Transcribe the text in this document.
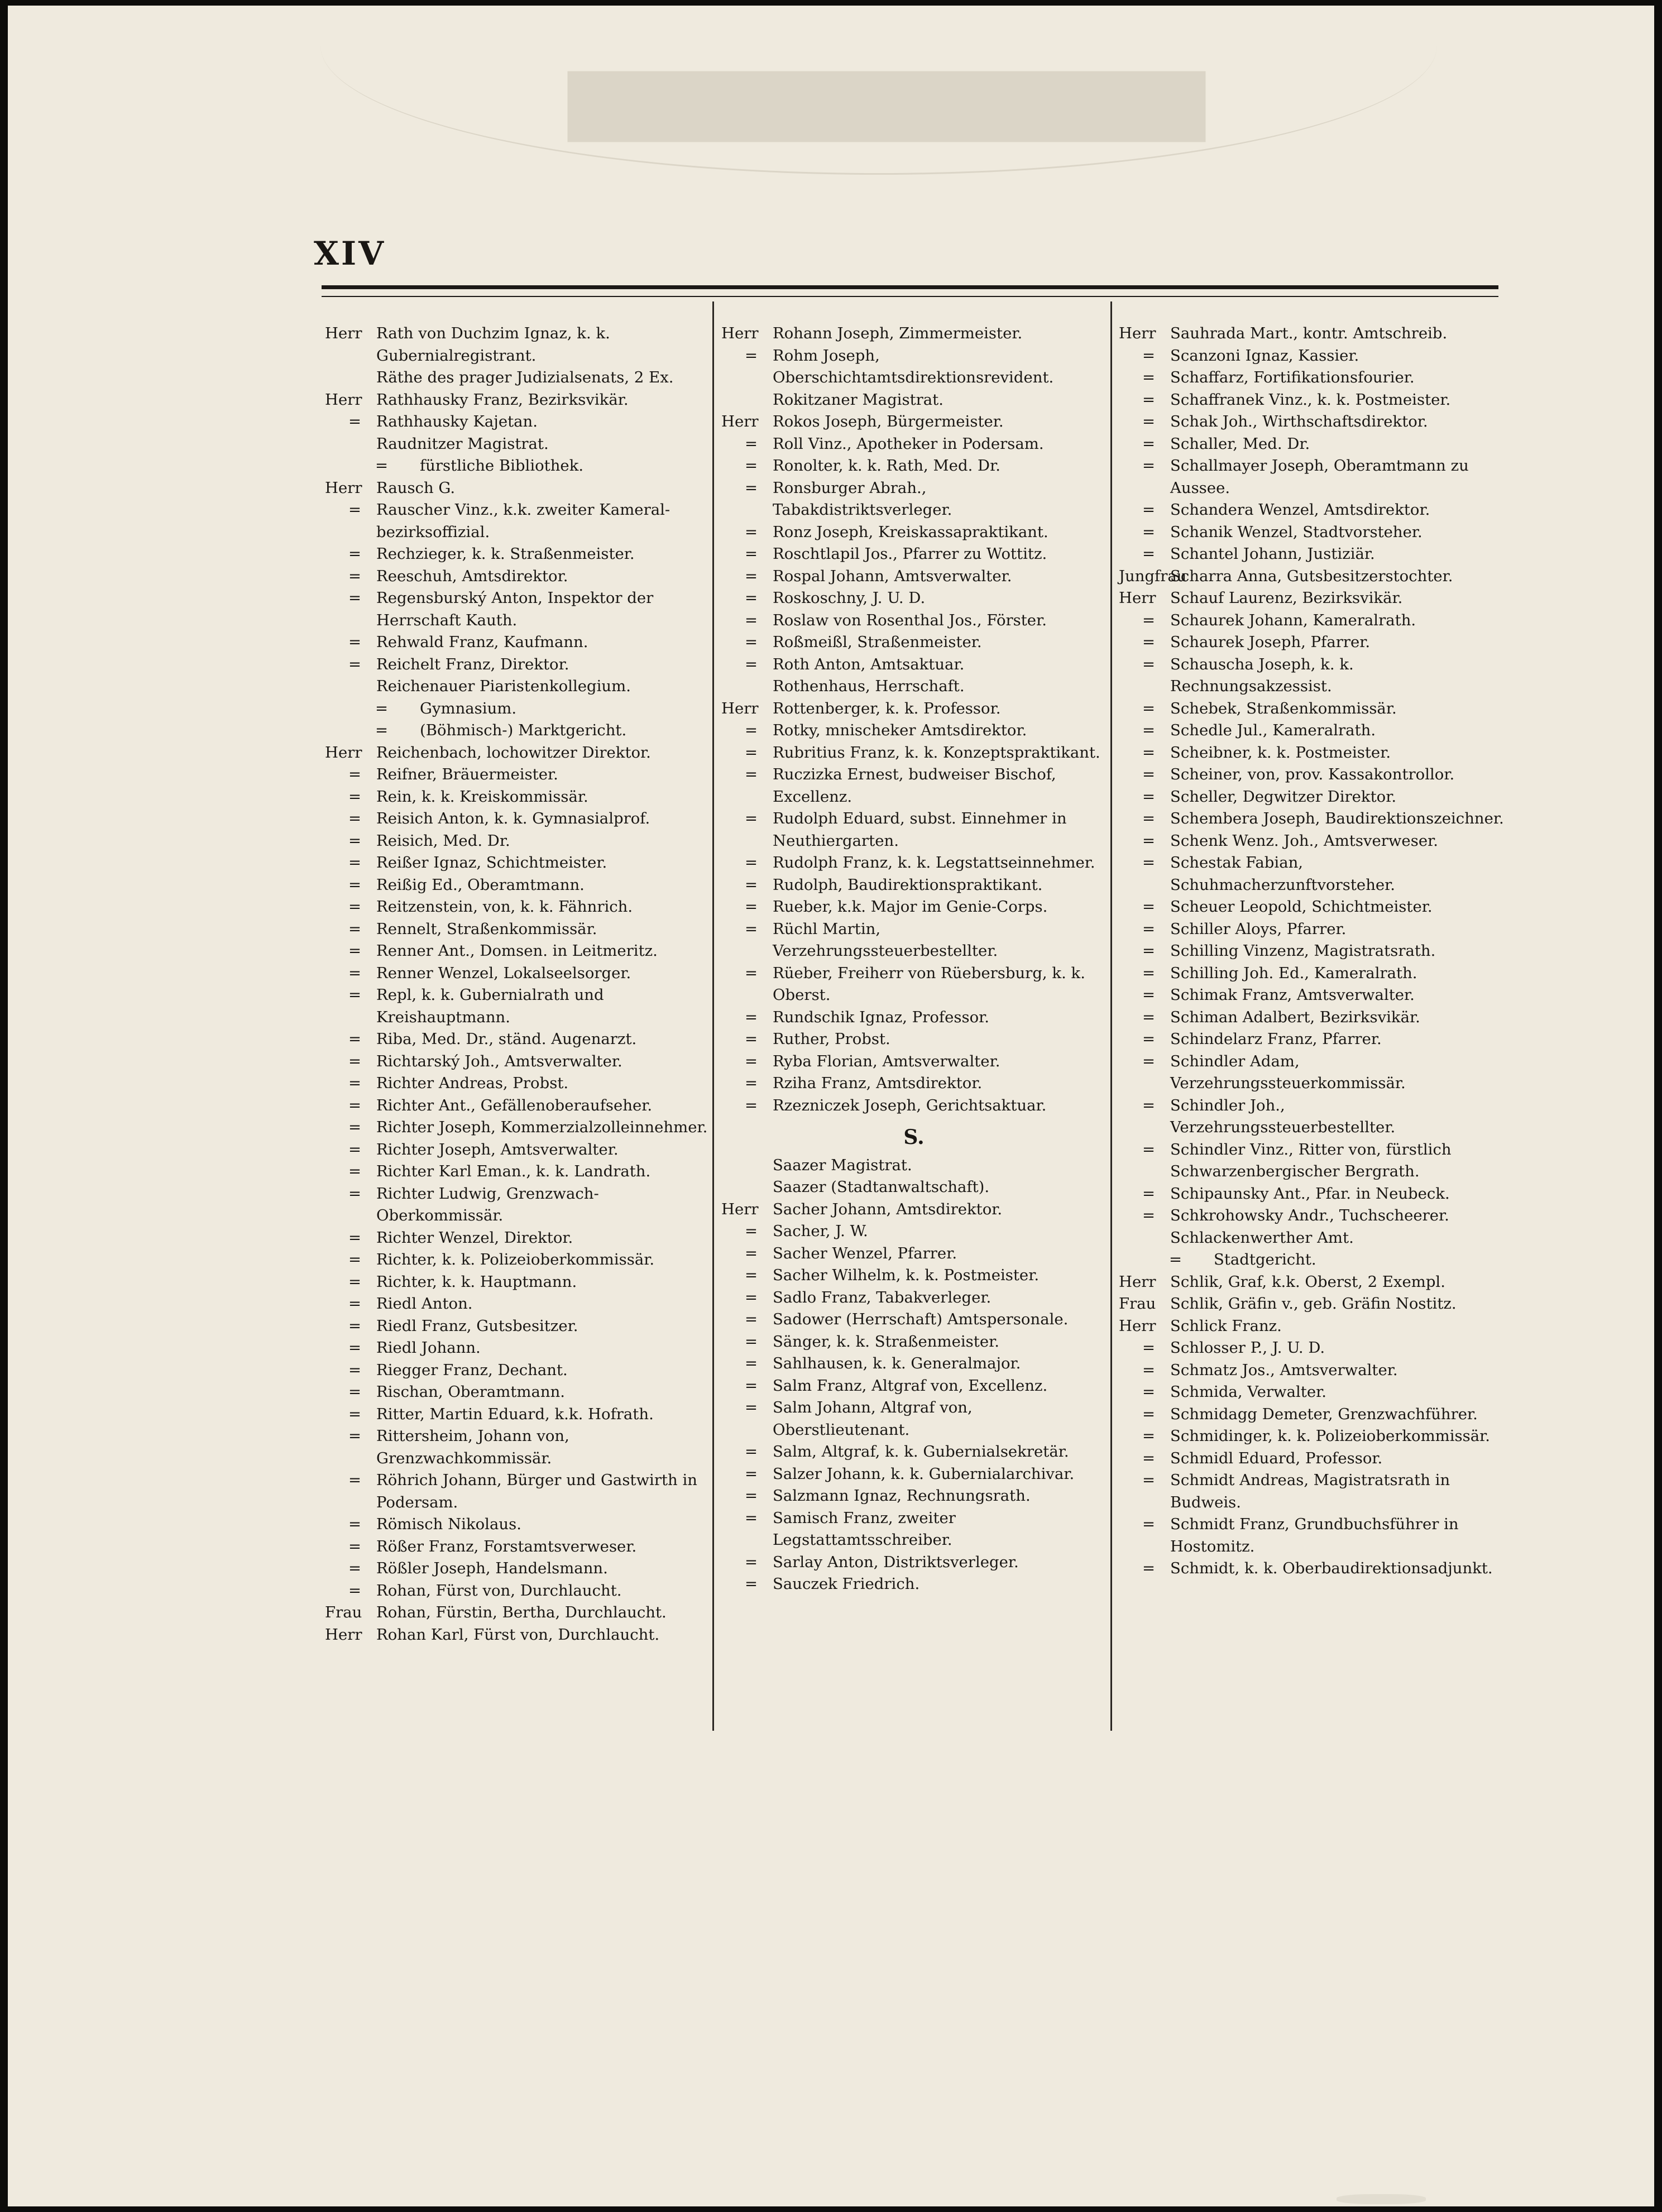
XIV
Herr Rath von Duchzim Ignaz, k. k. Gubernialregistrant.
Räthe des prager Judizialsenats, 2 Ex.
Herr Rathhausky Franz, Bezirksvikär.
= Rathhausky Kajetan.
Raudnitzer Magistrat.
= fürstliche Bibliothek.
Herr Rausch G.
= Rauscher Vinz., k.k. zweiter Kameral-bezirksoffizial.
= Rechzieger, k. k. Straßenmeister.
= Reeschuh, Amtsdirektor.
= Regensburský Anton, Inspektor der Herrschaft Kauth.
= Rehwald Franz, Kaufmann.
= Reichelt Franz, Direktor.
Reichenauer Piaristenkollegium.
= Gymnasium.
= (Böhmisch-) Marktgericht.
Herr Reichenbach, lochowitzer Direktor.
= Reifner, Bräuermeister.
= Rein, k. k. Kreiskommissär.
= Reisich Anton, k. k. Gymnasialprof.
= Reisich, Med. Dr.
= Reißer Ignaz, Schichtmeister.
= Reißig Ed., Oberamtmann.
= Reitzenstein, von, k. k. Fähnrich.
= Rennelt, Straßenkommissär.
= Renner Ant., Domsen. in Leitmeritz.
= Renner Wenzel, Lokalseelsorger.
= Repl, k. k. Gubernialrath und Kreishauptmann.
= Riba, Med. Dr., ständ. Augenarzt.
= Richtarský Joh., Amtsverwalter.
= Richter Andreas, Probst.
= Richter Ant., Gefällenoberaufseher.
= Richter Joseph, Kommerzialzolleinnehmer.
= Richter Joseph, Amtsverwalter.
= Richter Karl Eman., k. k. Landrath.
= Richter Ludwig, Grenzwach-Oberkommissär.
= Richter Wenzel, Direktor.
= Richter, k. k. Polizeioberkommissär.
= Richter, k. k. Hauptmann.
= Riedl Anton.
= Riedl Franz, Gutsbesitzer.
= Riedl Johann.
= Riegger Franz, Dechant.
= Rischan, Oberamtmann.
= Ritter, Martin Eduard, k.k. Hofrath.
= Rittersheim, Johann von, Grenzwachkommissär.
= Röhrich Johann, Bürger und Gastwirth in Podersam.
= Römisch Nikolaus.
= Rößer Franz, Forstamtsverweser.
= Rößler Joseph, Handelsmann.
= Rohan, Fürst von, Durchlaucht.
Frau Rohan, Fürstin, Bertha, Durchlaucht.
Herr Rohan Karl, Fürst von, Durchlaucht.
Herr Rohann Joseph, Zimmermeister.
= Rohm Joseph, Oberschichtamtsdirektionsrevident.
Rokitzaner Magistrat.
Herr Rokos Joseph, Bürgermeister.
= Roll Vinz., Apotheker in Podersam.
= Ronolter, k. k. Rath, Med. Dr.
= Ronsburger Abrah., Tabakdistriktsverleger.
= Ronz Joseph, Kreiskassapraktikant.
= Roschtlapil Jos., Pfarrer zu Wottitz.
= Rospal Johann, Amtsverwalter.
= Roskoschny, J. U. D.
= Roslaw von Rosenthal Jos., Förster.
= Roßmeißl, Straßenmeister.
= Roth Anton, Amtsaktuar.
Rothenhaus, Herrschaft.
Herr Rottenberger, k. k. Professor.
= Rotky, mnischeker Amtsdirektor.
= Rubritius Franz, k. k. Konzeptspraktikant.
= Ruczizka Ernest, budweiser Bischof, Excellenz.
= Rudolph Eduard, subst. Einnehmer in Neuthiergarten.
= Rudolph Franz, k. k. Legstattseinnehmer.
= Rudolph, Baudirektionspraktikant.
= Rueber, k.k. Major im Genie-Corps.
= Rüchl Martin, Verzehrungssteuerbestellter.
= Rüeber, Freiherr von Rüebersburg, k. k. Oberst.
= Rundschik Ignaz, Professor.
= Ruther, Probst.
= Ryba Florian, Amtsverwalter.
= Rziha Franz, Amtsdirektor.
= Rzezniczek Joseph, Gerichtsaktuar.
S.
Saazer Magistrat.
Saazer (Stadtanwaltschaft).
Herr Sacher Johann, Amtsdirektor.
= Sacher, J. W.
= Sacher Wenzel, Pfarrer.
= Sacher Wilhelm, k. k. Postmeister.
= Sadlo Franz, Tabakverleger.
= Sadower (Herrschaft) Amtspersonale.
= Sänger, k. k. Straßenmeister.
= Sahlhausen, k. k. Generalmajor.
= Salm Franz, Altgraf von, Excellenz.
= Salm Johann, Altgraf von, Oberstlieutenant.
= Salm, Altgraf, k. k. Gubernialsekretär.
= Salzer Johann, k. k. Gubernialarchivar.
= Salzmann Ignaz, Rechnungsrath.
= Samisch Franz, zweiter Legstattamtsschreiber.
= Sarlay Anton, Distriktsverleger.
= Sauczek Friedrich.
Herr Sauhrada Mart., kontr. Amtschreib.
= Scanzoni Ignaz, Kassier.
= Schaffarz, Fortifikationsfourier.
= Schaffranek Vinz., k. k. Postmeister.
= Schak Joh., Wirthschaftsdirektor.
= Schaller, Med. Dr.
= Schallmayer Joseph, Oberamtmann zu Aussee.
= Schandera Wenzel, Amtsdirektor.
= Schanik Wenzel, Stadtvorsteher.
= Schantel Johann, Justiziär.
Jungfrau
Scharra Anna, Gutsbesitzerstochter.
Herr Schauf Laurenz, Bezirksvikär.
= Schaurek Johann, Kameralrath.
= Schaurek Joseph, Pfarrer.
= Schauscha Joseph, k. k. Rechnungsakzessist.
= Schebek, Straßenkommissär.
= Schedle Jul., Kameralrath.
= Scheibner, k. k. Postmeister.
= Scheiner, von, prov. Kassakontrollor.
= Scheller, Degwitzer Direktor.
= Schembera Joseph, Baudirektionszeichner.
= Schenk Wenz. Joh., Amtsverweser.
= Schestak Fabian, Schuhmacherzunftvorsteher.
= Scheuer Leopold, Schichtmeister.
= Schiller Aloys, Pfarrer.
= Schilling Vinzenz, Magistratsrath.
= Schilling Joh. Ed., Kameralrath.
= Schimak Franz, Amtsverwalter.
= Schiman Adalbert, Bezirksvikär.
= Schindelarz Franz, Pfarrer.
= Schindler Adam, Verzehrungssteuerkommissär.
= Schindler Joh., Verzehrungssteuerbestellter.
= Schindler Vinz., Ritter von, fürstlich Schwarzenbergischer Bergrath.
= Schipaunsky Ant., Pfar. in Neubeck.
= Schkrohowsky Andr., Tuchscheerer.
Schlackenwerther Amt.
= Stadtgericht.
Herr Schlik, Graf, k.k. Oberst, 2 Exempl.
Frau Schlik, Gräfin v., geb. Gräfin Nostitz.
Herr Schlick Franz.
= Schlosser P., J. U. D.
= Schmatz Jos., Amtsverwalter.
= Schmida, Verwalter.
= Schmidagg Demeter, Grenzwachführer.
= Schmidinger, k. k. Polizeioberkommissär.
= Schmidl Eduard, Professor.
= Schmidt Andreas, Magistratsrath in Budweis.
= Schmidt Franz, Grundbuchsführer in Hostomitz.
= Schmidt, k. k. Oberbaudirektionsadjunkt.
